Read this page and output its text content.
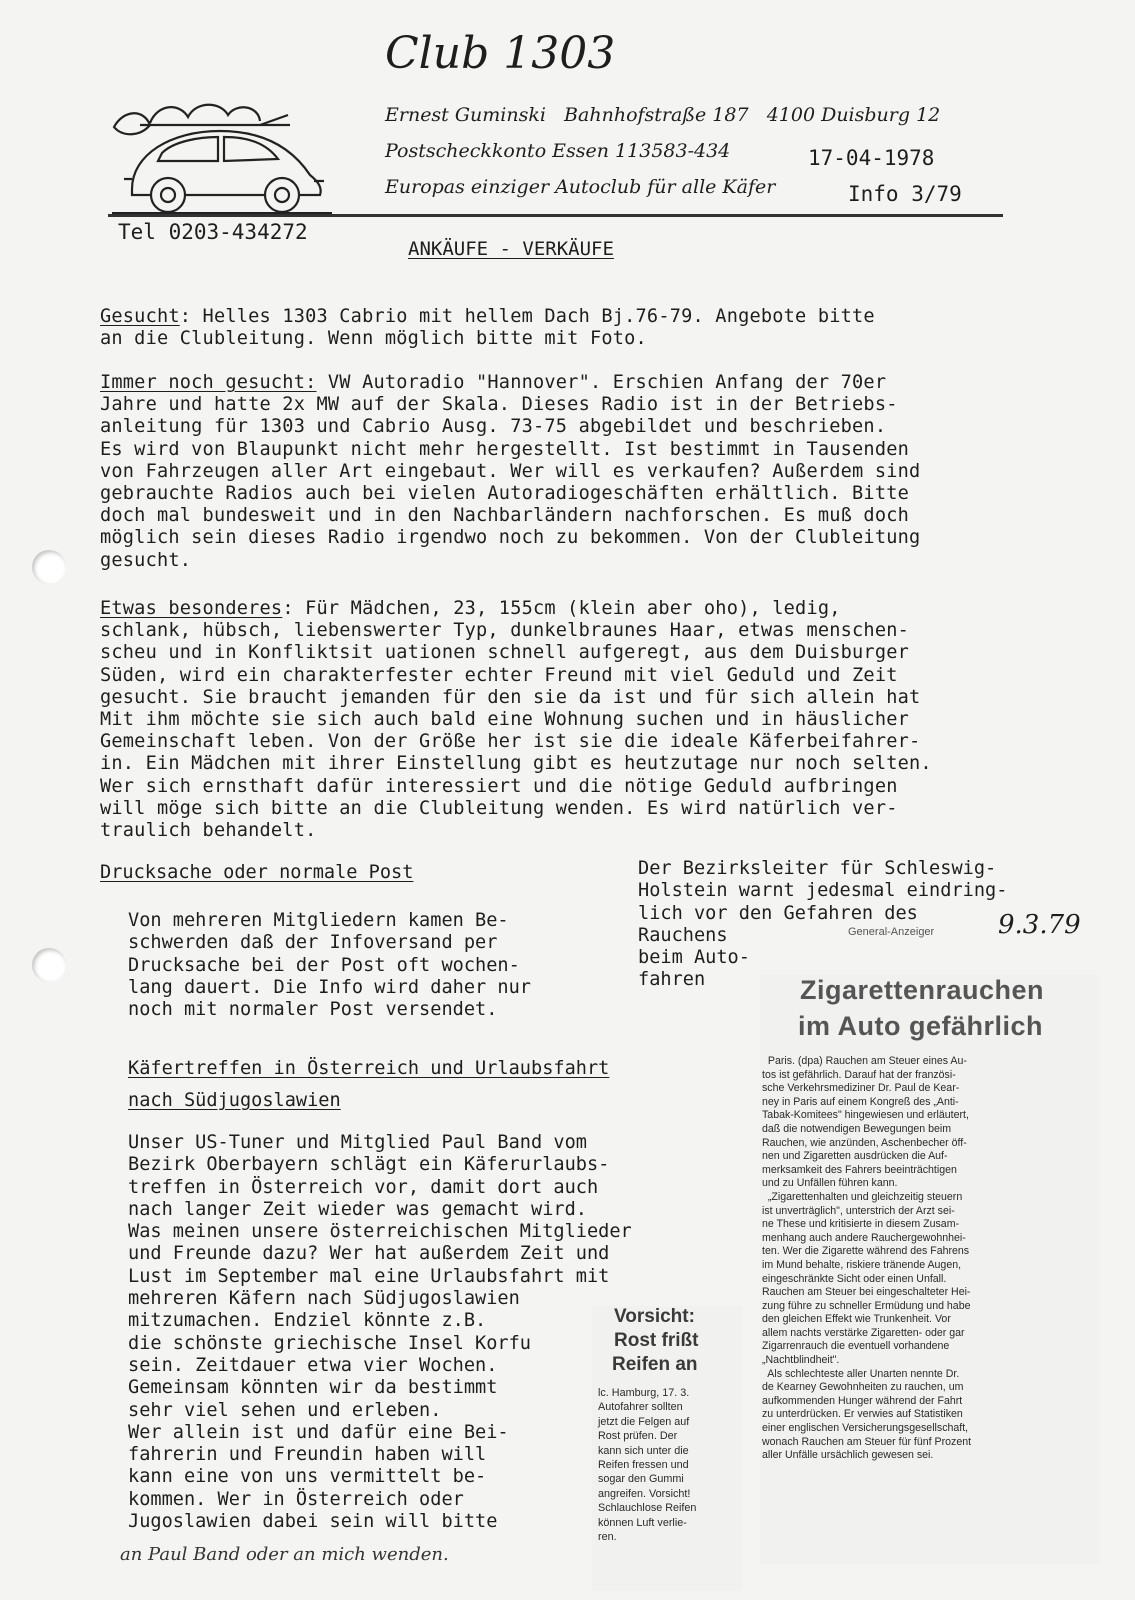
Club 1303
Ernest Guminski   Bahnhofstraße 187   4100 Duisburg 12
Postscheckkonto Essen 113583-434	17-04-1978
Europas einziger Autoclub für alle Käfer	Info 3/79
Tel 0203-434272
ANKÄUFE - VERKÄUFE
Gesucht: Helles 1303 Cabrio mit hellem Dach Bj.76-79. Angebote bitte
an die Clubleitung. Wenn möglich bitte mit Foto.
Immer noch gesucht: VW Autoradio "Hannover". Erschien Anfang der 70er
Jahre und hatte 2x MW auf der Skala. Dieses Radio ist in der Betriebs-
anleitung für 1303 und Cabrio Ausg. 73-75 abgebildet und beschrieben.
Es wird von Blaupunkt nicht mehr hergestellt. Ist bestimmt in Tausenden
von Fahrzeugen aller Art eingebaut. Wer will es verkaufen? Außerdem sind
gebrauchte Radios auch bei vielen Autoradiogeschäften erhältlich. Bitte
doch mal bundesweit und in den Nachbarländern nachforschen. Es muß doch
möglich sein dieses Radio irgendwo noch zu bekommen. Von der Clubleitung
gesucht.
Etwas besonderes: Für Mädchen, 23, 155cm (klein aber oho), ledig,
schlank, hübsch, liebenswerter Typ, dunkelbraunes Haar, etwas menschen-
scheu und in Konfliktsit uationen schnell aufgeregt, aus dem Duisburger
Süden, wird ein charakterfester echter Freund mit viel Geduld und Zeit
gesucht. Sie braucht jemanden für den sie da ist und für sich allein hat
Mit ihm möchte sie sich auch bald eine Wohnung suchen und in häuslicher
Gemeinschaft leben. Von der Größe her ist sie die ideale Käferbeifahrer-
in. Ein Mädchen mit ihrer Einstellung gibt es heutzutage nur noch selten.
Wer sich ernsthaft dafür interessiert und die nötige Geduld aufbringen
will möge sich bitte an die Clubleitung wenden. Es wird natürlich ver-
traulich behandelt.
Drucksache oder normale Post
Von mehreren Mitgliedern kamen Be-
schwerden daß der Infoversand per
Drucksache bei der Post oft wochen-
lang dauert. Die Info wird daher nur
noch mit normaler Post versendet.
Der Bezirksleiter für Schleswig-
Holstein warnt jedesmal eindring-
lich vor den Gefahren des
Rauchens
beim Auto-
fahren
General-Anzeiger 9.3.79
Zigarettenrauchen
im Auto gefährlich
Paris. (dpa) Rauchen am Steuer eines Au-
tos ist gefährlich. Darauf hat der französi-
sche Verkehrsmediziner Dr. Paul de Kear-
ney in Paris auf einem Kongreß des „Anti-
Tabak-Komitees" hingewiesen und erläutert,
daß die notwendigen Bewegungen beim
Rauchen, wie anzünden, Aschenbecher öff-
nen und Zigaretten ausdrücken die Auf-
merksamkeit des Fahrers beeinträchtigen
und zu Unfällen führen kann.
„Zigarettenhalten und gleichzeitig steuern
ist unverträglich", unterstrich der Arzt sei-
ne These und kritisierte in diesem Zusam-
menhang auch andere Rauchergewohnhei-
ten. Wer die Zigarette während des Fahrens
im Mund behalte, riskiere tränende Augen,
eingeschränkte Sicht oder einen Unfall.
Rauchen am Steuer bei eingeschalteter Hei-
zung führe zu schneller Ermüdung und habe
den gleichen Effekt wie Trunkenheit. Vor
allem nachts verstärke Zigaretten- oder gar
Zigarrenrauch die eventuell vorhandene
„Nachtblindheit".
Als schlechteste aller Unarten nennte Dr.
de Kearney Gewohnheiten zu rauchen, um
aufkommenden Hunger während der Fahrt
zu unterdrücken. Er verwies auf Statistiken
einer englischen Versicherungsgesellschaft,
wonach Rauchen am Steuer für fünf Prozent
aller Unfälle ursächlich gewesen sei.
Käfertreffen in Österreich und Urlaubsfahrt
nach Südjugoslawien
Unser US-Tuner und Mitglied Paul Band vom
Bezirk Oberbayern schlägt ein Käferurlaubs-
treffen in Österreich vor, damit dort auch
nach langer Zeit wieder was gemacht wird.
Was meinen unsere österreichischen Mitglieder
und Freunde dazu? Wer hat außerdem Zeit und
Lust im September mal eine Urlaubsfahrt mit
mehreren Käfern nach Südjugoslawien
mitzumachen. Endziel könnte z.B.
die schönste griechische Insel Korfu
sein. Zeitdauer etwa vier Wochen.
Gemeinsam könnten wir da bestimmt
sehr viel sehen und erleben.
Wer allein ist und dafür eine Bei-
fahrerin und Freundin haben will
kann eine von uns vermittelt be-
kommen. Wer in Österreich oder
Jugoslawien dabei sein will bitte
an Paul Band oder an mich wenden.
Vorsicht:
Rost frißt
Reifen an
lс. Hamburg, 17. 3.
Autofahrer sollten
jetzt die Felgen auf
Rost prüfen. Der
kann sich unter die
Reifen fressen und
sogar den Gummi
angreifen. Vorsicht!
Schlauchlose Reifen
können Luft verlie-
ren.
